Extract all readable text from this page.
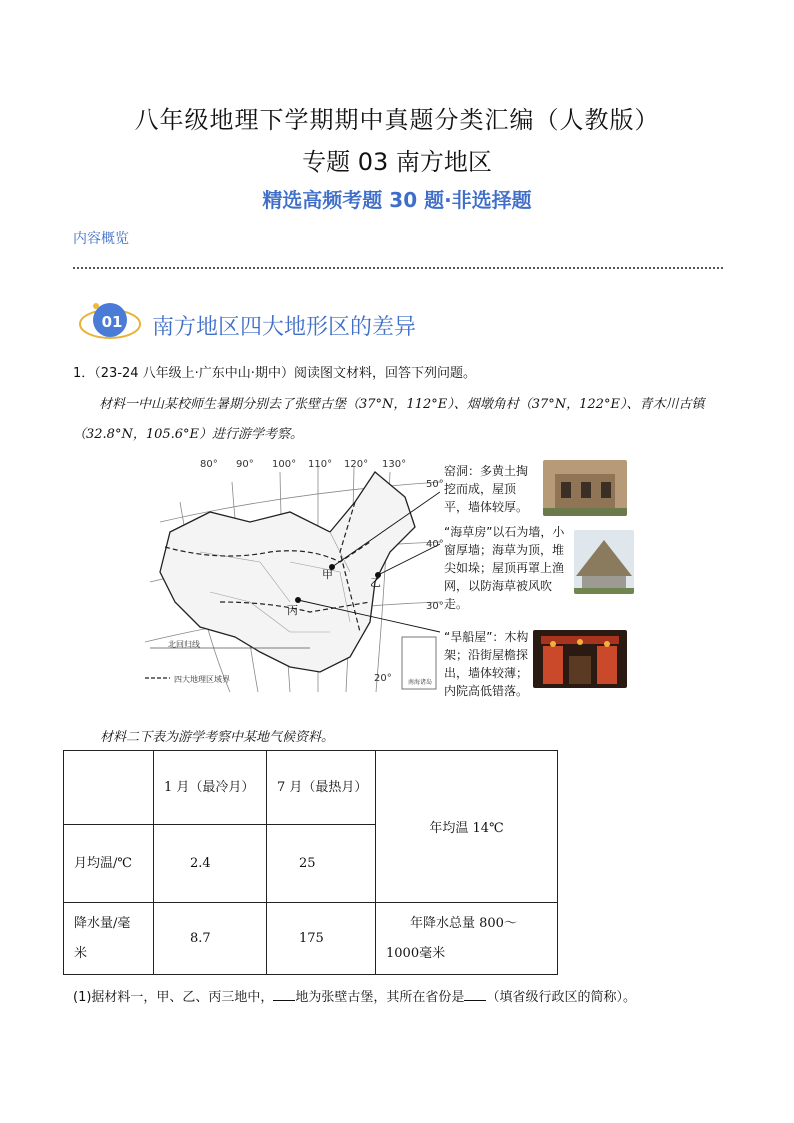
八年级地理下学期期中真题分类汇编（人教版）
专题 03 南方地区
精选高频考题 30 题·非选择题
内容概览
01 南方地区四大地形区的差异
1．（23-24 八年级上·广东中山·期中）阅读图文材料，回答下列问题。
材料一中山某校师生暑期分别去了张壁古堡（37°N，112°E）、烟墩角村（37°N，122°E）、青木川古镇（32.8°N，105.6°E）进行游学考察。
80° 90° 100° 110° 120° 130°
50°
40°
30°
20°
甲
乙
丙
北回归线
四大地理区域界	南海诸岛
窑洞：多黄土掏挖而成，屋顶平，墙体较厚。
“海草房”以石为墙，小窗厚墙；海草为顶，堆尖如垛；屋顶再罩上渔网，以防海草被风吹走。
“旱船屋”：木构架；沿街屋檐探出，墙体较薄；内院高低错落。
材料二下表为游学考察中某地气候资料。
	1 月（最冷月）	7 月（最热月）	年均温 14℃
月均温/℃	2.4	25	
降水量/毫米	8.7	175	年降水总量 800～1000毫米
(1)据材料一，甲、乙、丙三地中， 地为张壁古堡，其所在省份是 （填省级行政区的简称）。
